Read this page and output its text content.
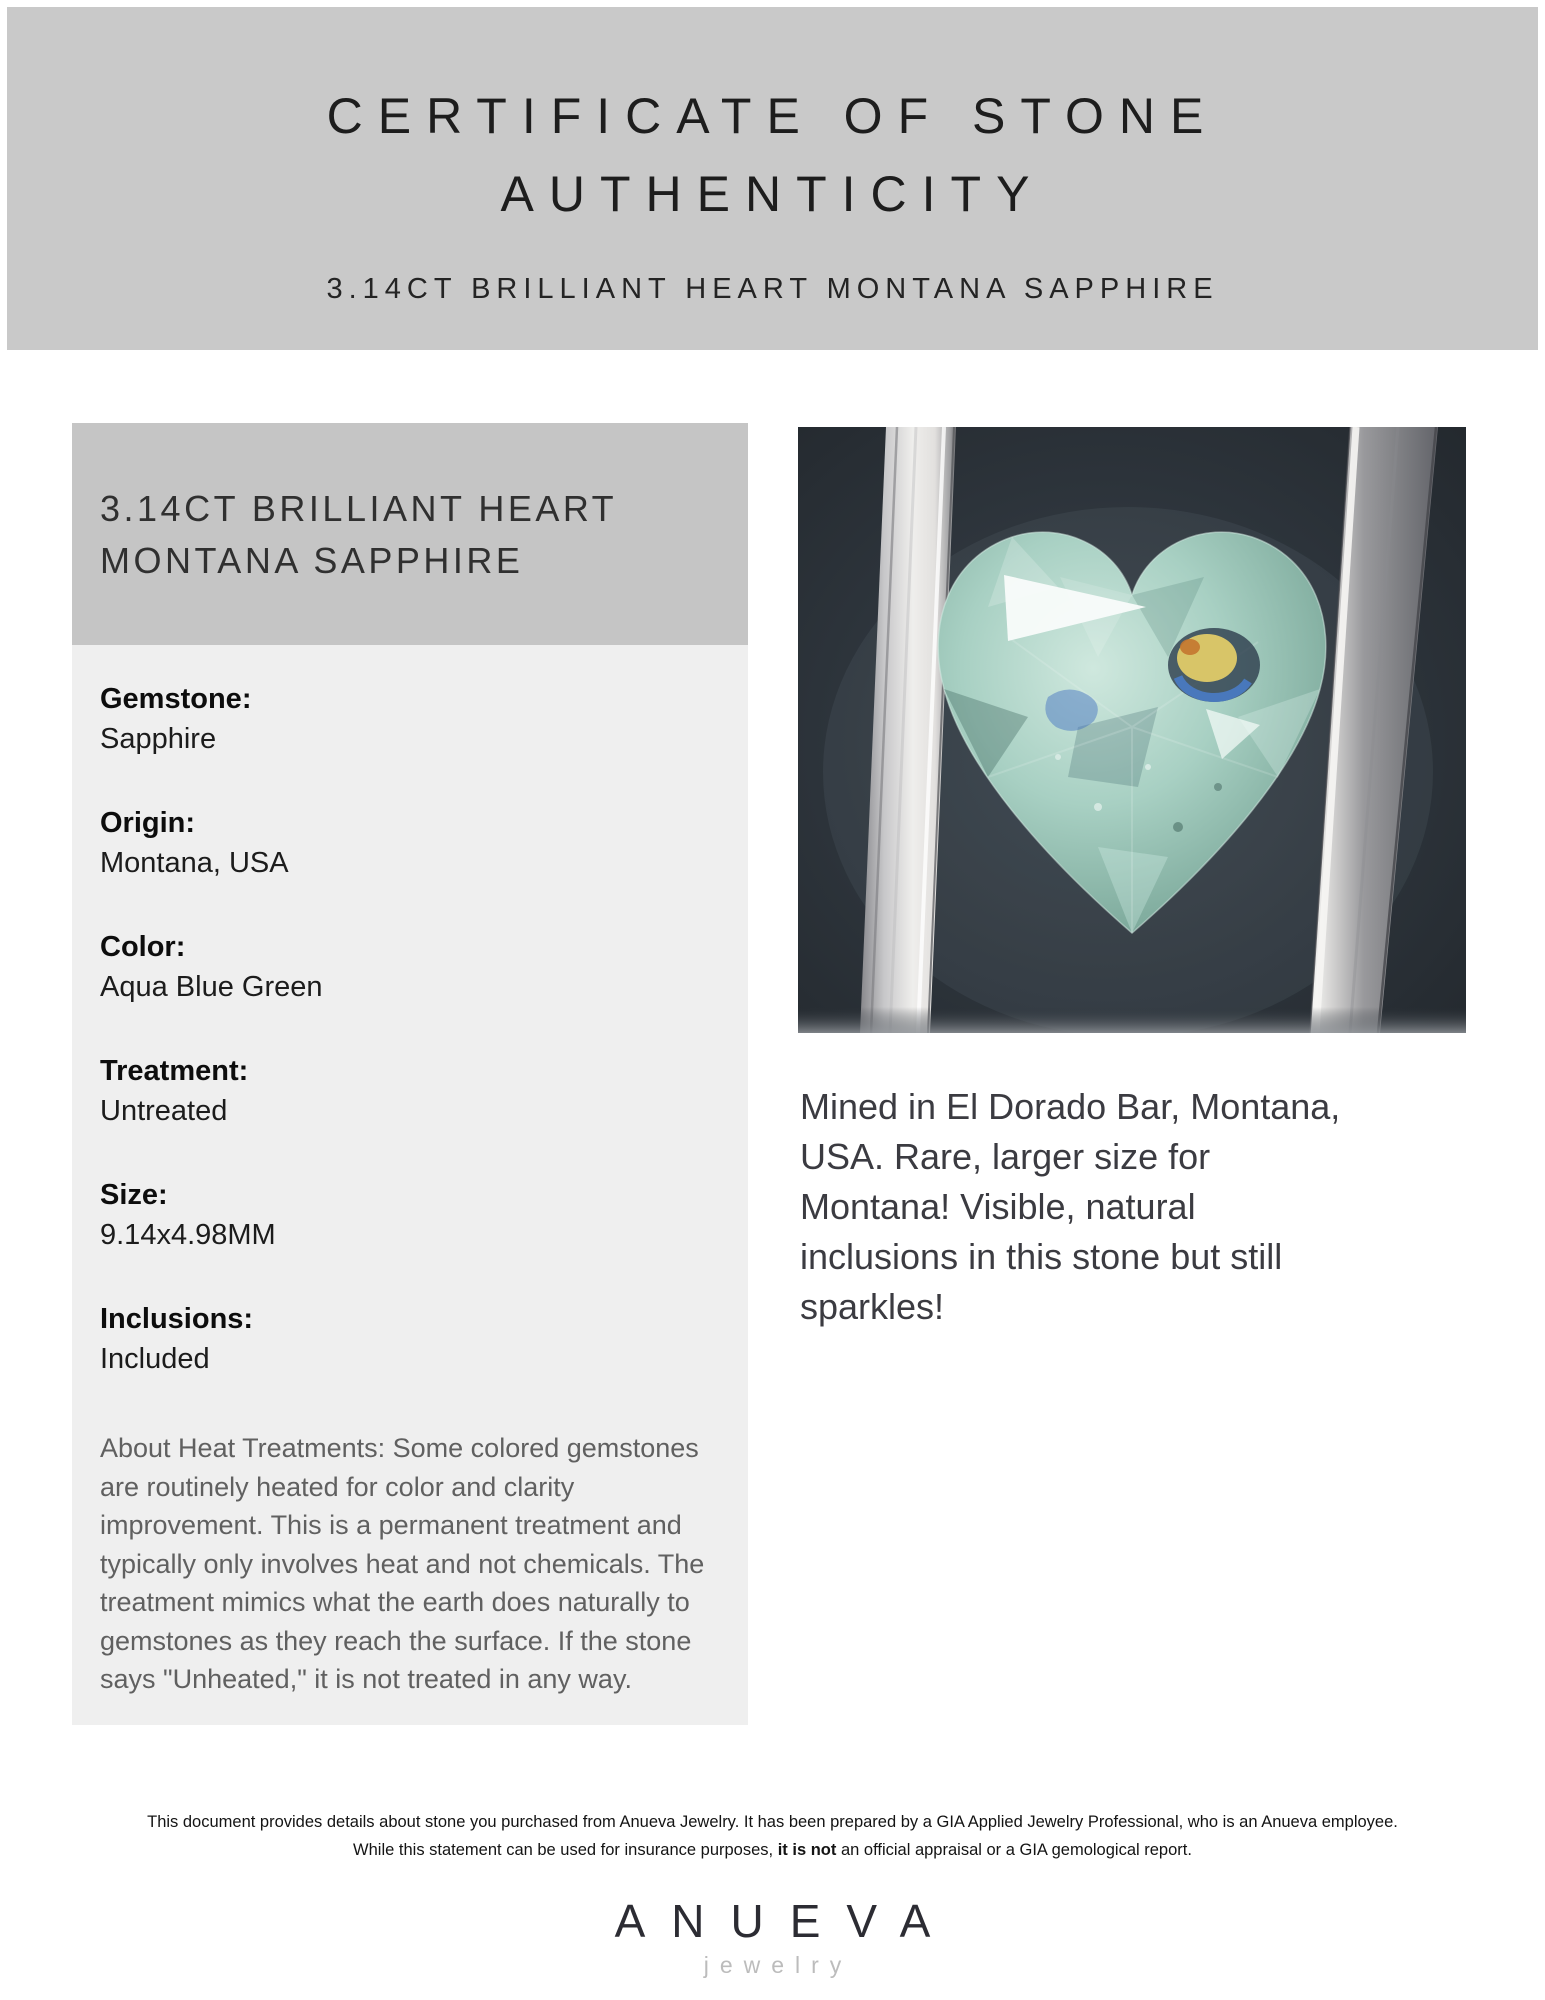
CERTIFICATE OF STONE
AUTHENTICITY
3.14CT BRILLIANT HEART MONTANA SAPPHIRE
3.14CT BRILLIANT HEART
MONTANA SAPPHIRE
Gemstone:
Sapphire
Origin:
Montana, USA
Color:
Aqua Blue Green
Treatment:
Untreated
Size:
9.14x4.98MM
Inclusions:
Included
About Heat Treatments: Some colored gemstones are routinely heated for color and clarity improvement. This is a permanent treatment and typically only involves heat and not chemicals. The treatment mimics what the earth does naturally to gemstones as they reach the surface. If the stone says "Unheated," it is not treated in any way.
Mined in El Dorado Bar, Montana,
USA. Rare, larger size for
Montana! Visible, natural
inclusions in this stone but still
sparkles!
This document provides details about stone you purchased from Anueva Jewelry. It has been prepared by a GIA Applied Jewelry Professional, who is an Anueva employee.
While this statement can be used for insurance purposes, it is not an official appraisal or a GIA gemological report.
ANUEVA
jewelry
